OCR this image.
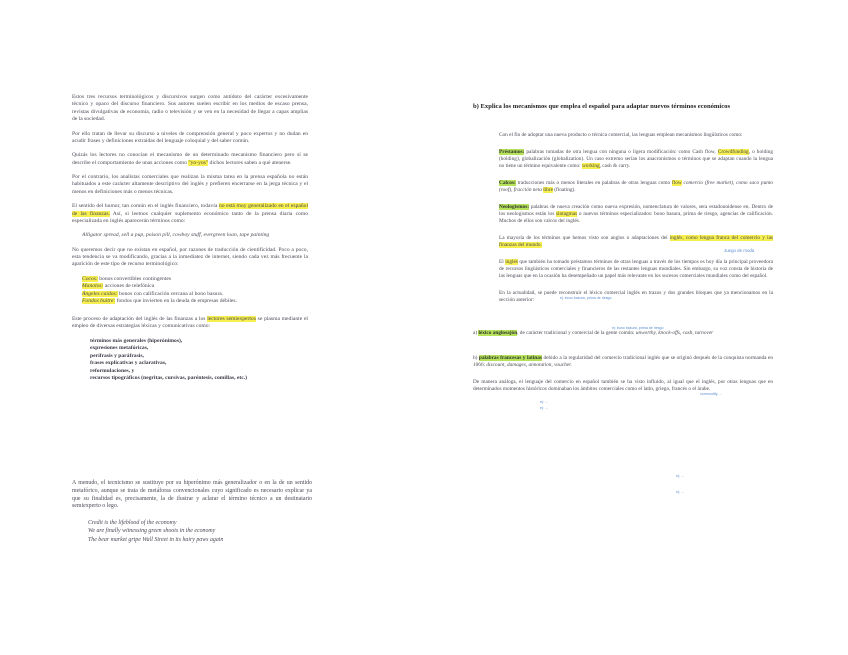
Estos tres recursos terminológicos y discursivos surgen como antídoto del carácter excesivamente técnico y opaco del discurso financiero. Sus autores suelen escribir en los medios de escaso prensa, revistas divulgativas de economía, radio o televisión y se ven en la necesidad de llegar a capas amplias de la sociedad.

Por ello tratan de llevar su discurso a niveles de comprensión general y poco expertos y no dudan en acudir frases y definiciones extraídas del lenguaje coloquial y del saber común.

Quizás los lectores no conocían el mecanismo de un determinado mecanismo financiero pero sí se describe el comportamiento de unas acciones como "yo-yos" dichos lectores saben a qué atenerse.

Por el contrario, los analistas comerciales que realizan la misma tarea en la prensa española no están habituados a este carácter altamente descriptivo del inglés y prefieren encerrarse en la jerga técnica y el menos en definiciones más o menos técnicas.

El sentido del humor, tan común en el inglés financiero, todavía no está muy generalizado en el español de las finanzas. Así, si leemos cualquier suplemento económico tanto de la prensa diaria como especializada en inglés aparecerán términos como:

Alligator spread, sell a pup, poison pill, cowboy stuff, evergreen loan, tape painting

No queremos decir que no existan en español, por razones de traducción de cientificidad. Poco a poco, esta tendencia se va modificando, gracias a la inmediatez de internet, siendo cada vez más frecuente la aparición de este tipo de recurso terminológico:

Cocos: bonos convertibles contingentes
Manolos: acciones de telefónica
Ángeles caídos: bonos con calificación cercana al bono basura.
Fondos buitre: fondos que invierten en la deuda de empresas débiles.

Este proceso de adaptación del inglés de las finanzas a los lectores semiexpertos se plasma mediante el empleo de diversas estrategias léxicas y comunicativas como:

términos más generales (hiperónimos),
expresiones metafóricas,
perífrasis y paráfrasis,
frases explicativas y aclarativas,
reformulaciones, y
recursos tipográficos (negritas, cursivas, paréntesis, comillas, etc.)

A menudo, el tecnicismo se sustituye por su hiperónimo más generalizador o en la de un sentido metafórico, aunque se trata de metáforas convencionales cuyo significado es necesario explicar ya que su finalidad es, precisamente, la de ilustrar y aclarar el término técnico a un destinatario semiexperto o lego.

Credit is the lifeblood of the economy
We are finally witnessing green shoots in the economy
The bear market gripe Wall Street in its hairy paws again
b) Explica los mecanismos que emplea el español para adaptar nuevos términos económicos

Con el fin de adoptar una nueva producto o técnica comercial, las lenguas emplean mecanismos lingüísticos como:

Préstamos: palabras tomadas de otra lengua con ninguna o ligera modificación: como Cash flow, Crowdfunding, o holding (holding), globalización (globalization). Un caso extremo serían los anacronismos o términos que se adaptan cuando la lengua no tiene un término equivalente como: working, cash & carry.

Calcos: traducciones más o menos literales en palabras de otras lenguas como flow comercio (free market), como saco punto (roof), fracción neta libre (floating).

Neologismos: palabras de nueva creación como nueva expresión, nomenclatura de valores, sera estadounidense en. Dentro de los neologismos están los sintagmas o nuevos términos especializados: bono basura, prima de riesgo, agencias de calificación. Muchos de ellos son calcos del inglés.

La mayoría de los términos que hemos visto son anglos o adaptaciones del inglés, como lengua franca del comercio y las finanzas del mundo.

El inglés que también ha tomado préstamos términos de otras lenguas a través de los tiempos es hoy día la principal proveedora de recursos lingüísticos comerciales y financieros de las restantes lenguas mundiales. Sin embargo, su voz consta de historia de las lenguas que en la ocasión ha desempeñado un papel más relevante en los sucesos comerciales mundiales como del español.

En la actualidad, se puede reconstruir el léxico comercial inglés en trazos y dos grandes bloques que ya mencionamos en la sección anterior:

a) léxico anglosajón, de carácter tradicional y comercial de la gente común: unworthy, knock-offs, cash, turnover

b) palabras francesas y latinas debido a la regularidad del comercio tradicional inglés que se originó después de la conquista normanda en 1066: discount, damages, annotation, voucher.

De manera análoga, el lenguaje del comercio en español también se ha visto influido, al igual que el inglés, por otras lenguas que en determinados momentos históricos dominaban los ámbitos comerciales como el latín, griego, francés o el árabe.

Juego de moda
ej: bono basura, prima de riesgo
ej: bono basura, prima de riesgo
commodity, ...
ej: ...
ej: ...
ej: ...
ej: ...
